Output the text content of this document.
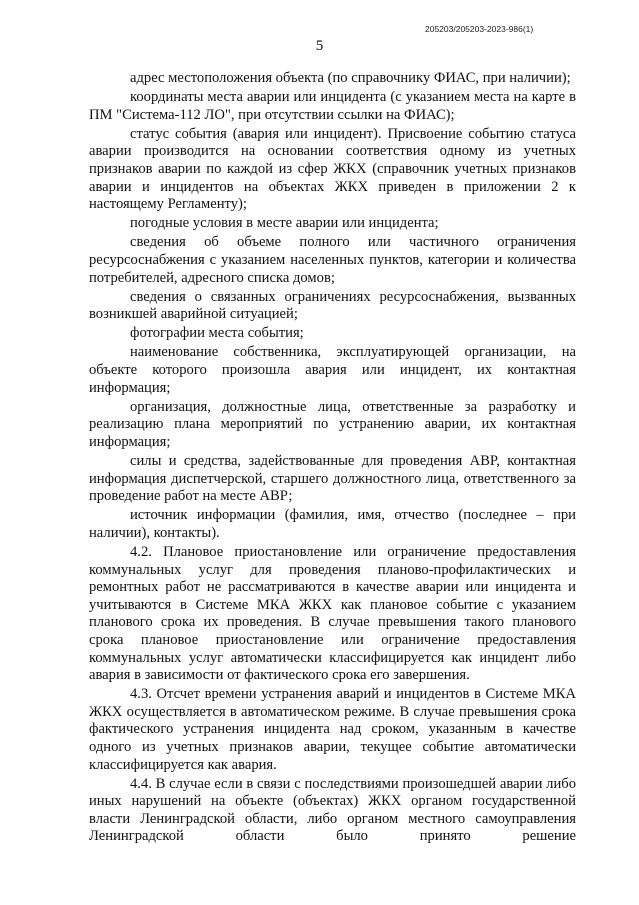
205203/205203-2023-986(1)
5

адрес местоположения объекта (по справочнику ФИАС, при наличии);

координаты места аварии или инцидента (с указанием места на карте в ПМ "Система-112 ЛО", при отсутствии ссылки на ФИАС);

статус события (авария или инцидент). Присвоение событию статуса аварии производится на основании соответствия одному из учетных признаков аварии по каждой из сфер ЖКХ (справочник учетных признаков аварии и инцидентов на объектах ЖКХ приведен в приложении 2 к настоящему Регламенту);

погодные условия в месте аварии или инцидента;

сведения об объеме полного или частичного ограничения ресурсоснабжения с указанием населенных пунктов, категории и количества потребителей, адресного списка домов;

сведения о связанных ограничениях ресурсоснабжения, вызванных возникшей аварийной ситуацией;

фотографии места события;

наименование собственника, эксплуатирующей организации, на объекте которого произошла авария или инцидент, их контактная информация;

организация, должностные лица, ответственные за разработку и реализацию плана мероприятий по устранению аварии, их контактная информация;

силы и средства, задействованные для проведения АВР, контактная информация диспетчерской, старшего должностного лица, ответственного за проведение работ на месте АВР;

источник информации (фамилия, имя, отчество (последнее – при наличии), контакты).

4.2. Плановое приостановление или ограничение предоставления коммунальных услуг для проведения планово-профилактических и ремонтных работ не рассматриваются в качестве аварии или инцидента и учитываются в Системе МКА ЖКХ как плановое событие с указанием планового срока их проведения. В случае превышения такого планового срока плановое приостановление или ограничение предоставления коммунальных услуг автоматически классифицируется как инцидент либо авария в зависимости от фактического срока его завершения.

4.3. Отсчет времени устранения аварий и инцидентов в Системе МКА ЖКХ осуществляется в автоматическом режиме. В случае превышения срока фактического устранения инцидента над сроком, указанным в качестве одного из учетных признаков аварии, текущее событие автоматически классифицируется как авария.

4.4. В случае если в связи с последствиями произошедшей аварии либо иных нарушений на объекте (объектах) ЖКХ органом государственной власти Ленинградской области, либо органом местного самоуправления Ленинградской области было принято решение
